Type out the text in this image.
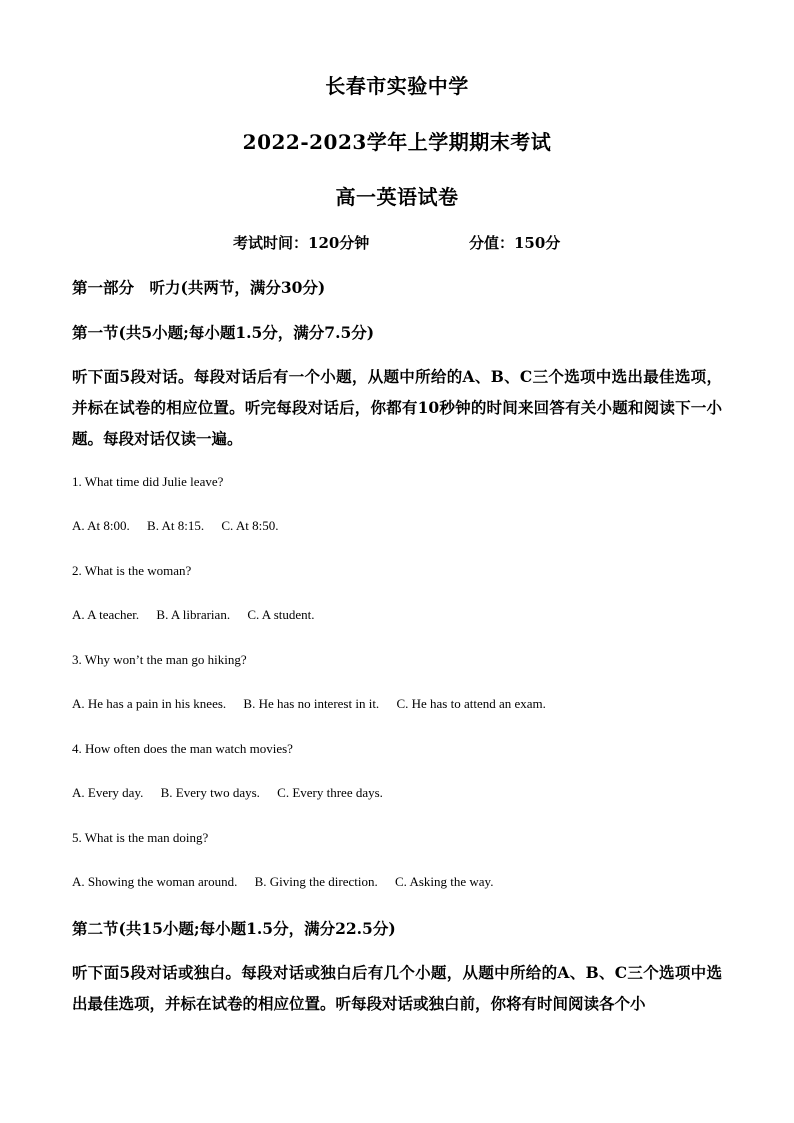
长春市实验中学
2022-2023学年上学期期末考试
高一英语试卷
考试时间：120分钟	分值：150分
第一部分　听力(共两节，满分30分)
第一节(共5小题;每小题1.5分，满分7.5分)
听下面5段对话。每段对话后有一个小题，从题中所给的A、B、C三个选项中选出最佳选项，并标在试卷的相应位置。听完每段对话后，你都有10秒钟的时间来回答有关小题和阅读下一小题。每段对话仅读一遍。
1. What time did Julie leave?
A. At 8:00. B. At 8:15. C. At 8:50.
2. What is the woman?
A. A teacher. B. A librarian. C. A student.
3. Why won’t the man go hiking?
A. He has a pain in his knees. B. He has no interest in it. C. He has to attend an exam.
4. How often does the man watch movies?
A. Every day. B. Every two days. C. Every three days.
5. What is the man doing?
A. Showing the woman around. B. Giving the direction. C. Asking the way.
第二节(共15小题;每小题1.5分，满分22.5分)
听下面5段对话或独白。每段对话或独白后有几个小题，从题中所给的A、B、C三个选项中选出最佳选项，并标在试卷的相应位置。听每段对话或独白前，你将有时间阅读各个小
